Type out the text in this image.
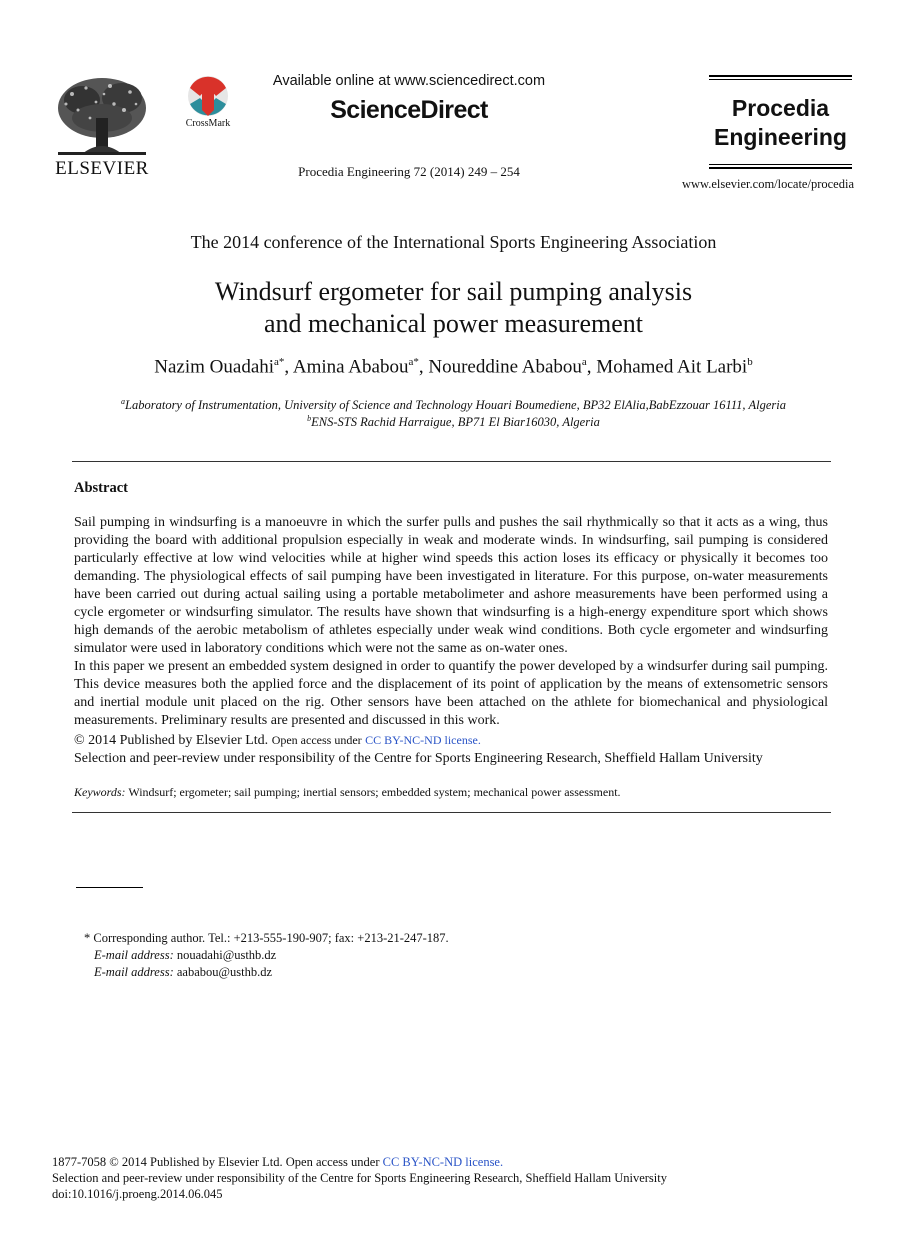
ELSEVIER
CrossMark
Available online at www.sciencedirect.com
ScienceDirect
Procedia Engineering 72 (2014) 249 – 254
Procedia
Engineering
www.elsevier.com/locate/procedia
The 2014 conference of the International Sports Engineering Association
Windsurf ergometer for sail pumping analysis
and mechanical power measurement
Nazim Ouadahi$^{a*}$, Amina Ababou$^{a*}$, Noureddine Ababou$^a$, Mohamed Ait Larbi$^b$
$^a$Laboratory of Instrumentation, University of Science and Technology Houari Boumediene, BP32 ElAlia,BabEzzouar 16111, Algeria
$^b$ENS-STS Rachid Harraigue, BP71 El Biar16030, Algeria
Abstract

Sail pumping in windsurfing is a manoeuvre in which the surfer pulls and pushes the sail rhythmically so that it acts as a wing, thus providing the board with additional propulsion especially in weak and moderate winds. In windsurfing, sail pumping is considered particularly effective at low wind velocities while at higher wind speeds this action loses its efficacy or physically it becomes too demanding. The physiological effects of sail pumping have been investigated in literature. For this purpose, on-water measurements have been carried out during actual sailing using a portable metabolimeter and ashore measurements have been performed using a cycle ergometer or windsurfing simulator. The results have shown that windsurfing is a high-energy expenditure sport which shows high demands of the aerobic metabolism of athletes especially under weak wind conditions. Both cycle ergometer and windsurfing simulator were used in laboratory conditions which were not the same as on-water ones.

In this paper we present an embedded system designed in order to quantify the power developed by a windsurfer during sail pumping. This device measures both the applied force and the displacement of its point of application by the means of extensometric sensors and inertial module unit placed on the rig. Other sensors have been attached on the athlete for biomechanical and physiological measurements. Preliminary results are presented and discussed in this work.

© 2014 Published by Elsevier Ltd. Open access under CC BY-NC-ND license.
Selection and peer-review under responsibility of the Centre for Sports Engineering Research, Sheffield Hallam University
Keywords: Windsurf; ergometer; sail pumping; inertial sensors; embedded system; mechanical power assessment.
* Corresponding author. Tel.: +213-555-190-907; fax: +213-21-247-187.
E-mail address: nouadahi@usthb.dz
E-mail address: aababou@usthb.dz
1877-7058 © 2014 Published by Elsevier Ltd. Open access under CC BY-NC-ND license.
Selection and peer-review under responsibility of the Centre for Sports Engineering Research, Sheffield Hallam University
doi:10.1016/j.proeng.2014.06.045
